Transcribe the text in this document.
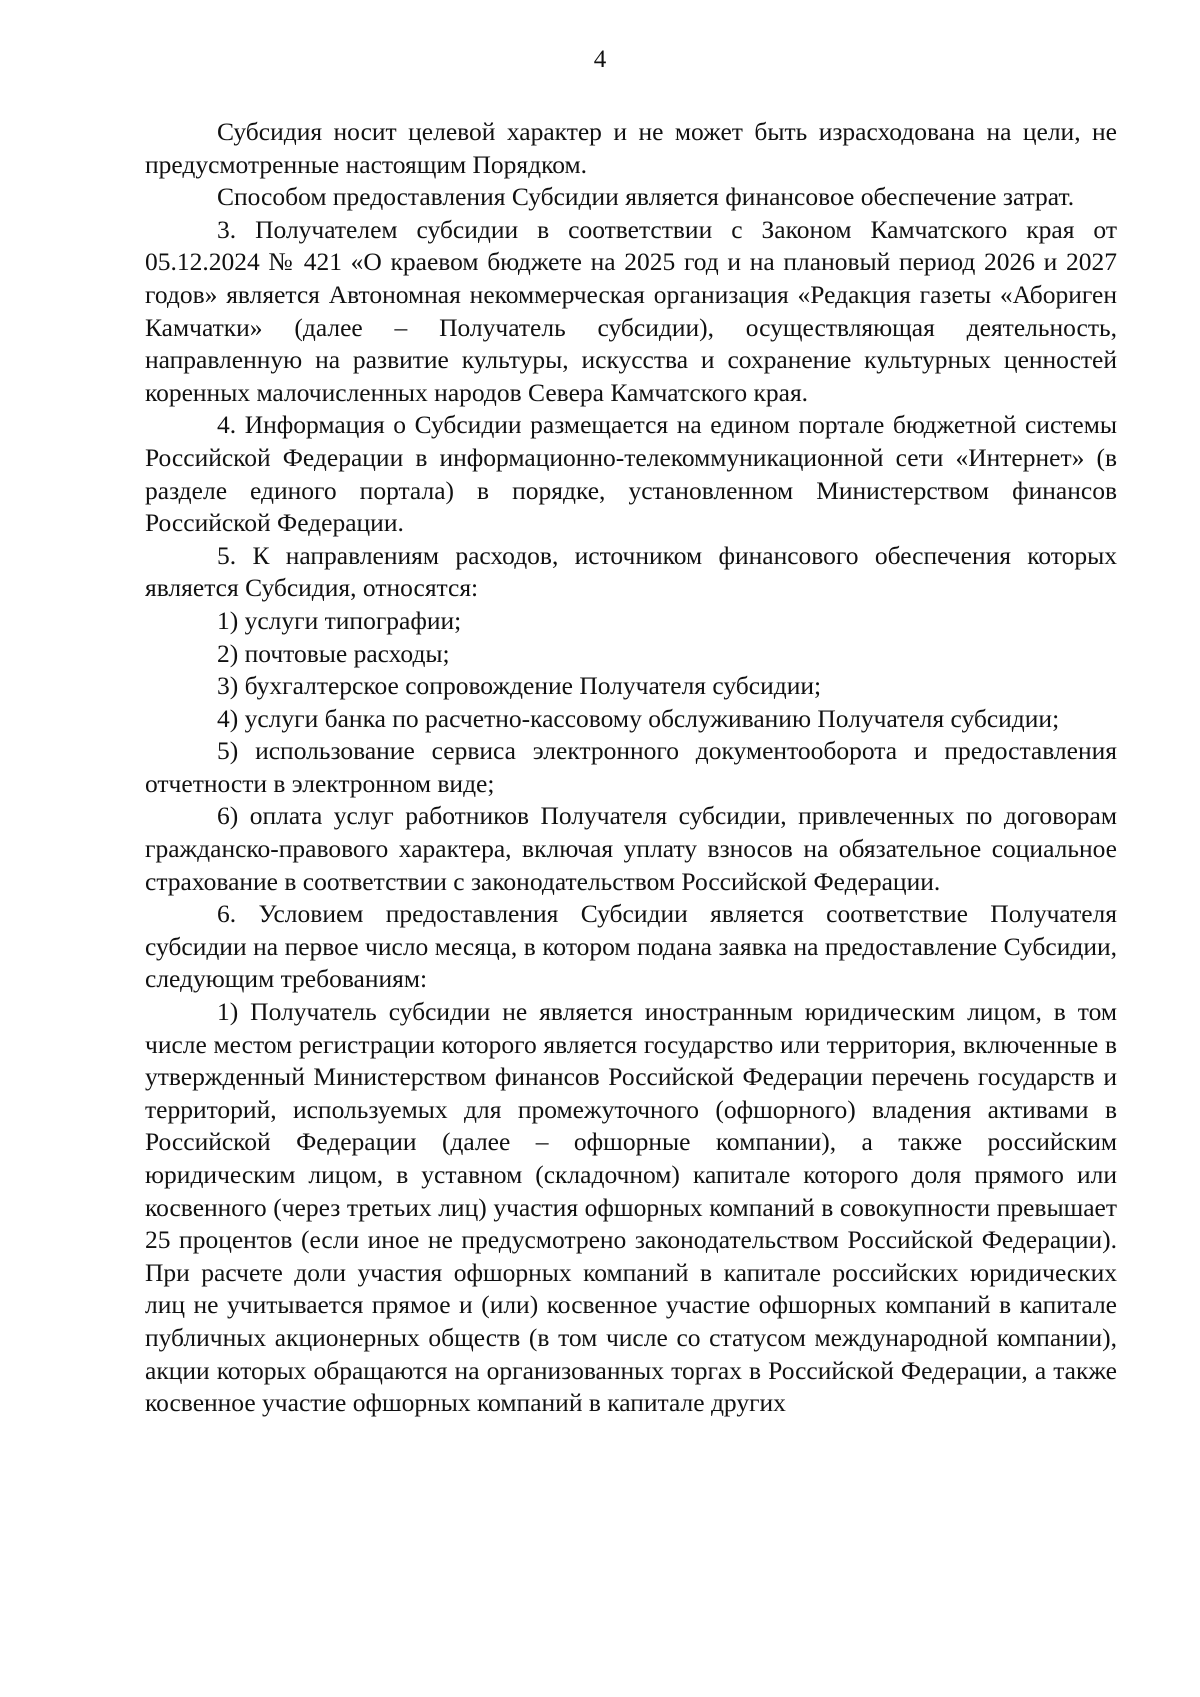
4

Субсидия носит целевой характер и не может быть израсходована на цели, не предусмотренные настоящим Порядком.

Способом предоставления Субсидии является финансовое обеспечение затрат.

3. Получателем субсидии в соответствии с Законом Камчатского края от 05.12.2024 № 421 «О краевом бюджете на 2025 год и на плановый период 2026 и 2027 годов» является Автономная некоммерческая организация «Редакция газеты «Абориген Камчатки» (далее – Получатель субсидии), осуществляющая деятельность, направленную на развитие культуры, искусства и сохранение культурных ценностей коренных малочисленных народов Севера Камчатского края.

4. Информация о Субсидии размещается на едином портале бюджетной системы Российской Федерации в информационно-телекоммуникационной сети «Интернет» (в разделе единого портала) в порядке, установленном Министерством финансов Российской Федерации.

5. К направлениям расходов, источником финансового обеспечения которых является Субсидия, относятся:

1) услуги типографии;

2) почтовые расходы;

3) бухгалтерское сопровождение Получателя субсидии;

4) услуги банка по расчетно-кассовому обслуживанию Получателя субсидии;

5) использование сервиса электронного документооборота и предоставления отчетности в электронном виде;

6) оплата услуг работников Получателя субсидии, привлеченных по договорам гражданско-правового характера, включая уплату взносов на обязательное социальное страхование в соответствии с законодательством Российской Федерации.

6. Условием предоставления Субсидии является соответствие Получателя субсидии на первое число месяца, в котором подана заявка на предоставление Субсидии, следующим требованиям:

1) Получатель субсидии не является иностранным юридическим лицом, в том числе местом регистрации которого является государство или территория, включенные в утвержденный Министерством финансов Российской Федерации перечень государств и территорий, используемых для промежуточного (офшорного) владения активами в Российской Федерации (далее – офшорные компании), а также российским юридическим лицом, в уставном (складочном) капитале которого доля прямого или косвенного (через третьих лиц) участия офшорных компаний в совокупности превышает 25 процентов (если иное не предусмотрено законодательством Российской Федерации). При расчете доли участия офшорных компаний в капитале российских юридических лиц не учитывается прямое и (или) косвенное участие офшорных компаний в капитале публичных акционерных обществ (в том числе со статусом международной компании), акции которых обращаются на организованных торгах в Российской Федерации, а также косвенное участие офшорных компаний в капитале других
